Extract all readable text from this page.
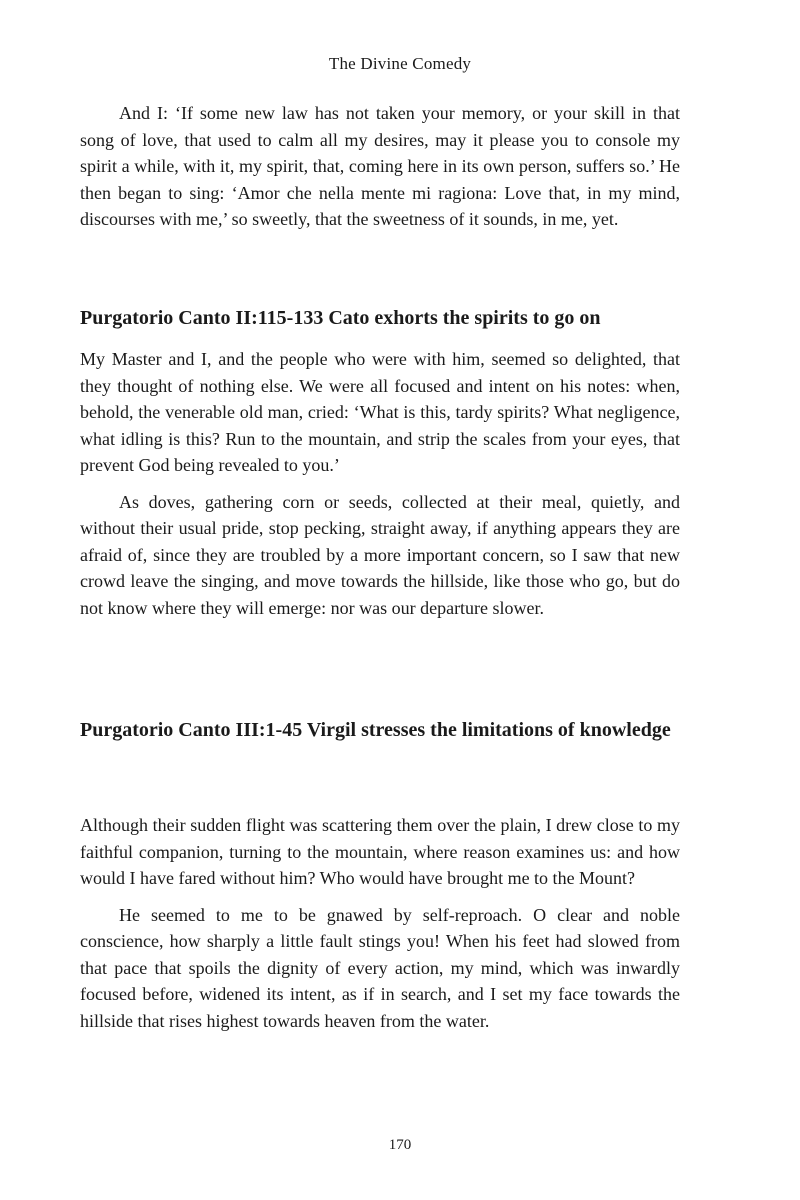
The Divine Comedy

And I: ‘If some new law has not taken your memory, or your skill in that song of love, that used to calm all my desires, may it please you to console my spirit a while, with it, my spirit, that, coming here in its own person, suffers so.’ He then began to sing: ‘Amor che nella mente mi ragiona: Love that, in my mind, discourses with me,’ so sweetly, that the sweetness of it sounds, in me, yet.

Purgatorio Canto II:115-133 Cato exhorts the spirits to go on

My Master and I, and the people who were with him, seemed so delighted, that they thought of nothing else. We were all focused and intent on his notes: when, behold, the venerable old man, cried: ‘What is this, tardy spirits? What negligence, what idling is this? Run to the mountain, and strip the scales from your eyes, that prevent God being revealed to you.’

As doves, gathering corn or seeds, collected at their meal, quietly, and without their usual pride, stop pecking, straight away, if anything appears they are afraid of, since they are troubled by a more important concern, so I saw that new crowd leave the singing, and move towards the hillside, like those who go, but do not know where they will emerge: nor was our departure slower.

Purgatorio Canto III:1-45 Virgil stresses the limitations of knowledge

Although their sudden flight was scattering them over the plain, I drew close to my faithful companion, turning to the mountain, where reason examines us: and how would I have fared without him? Who would have brought me to the Mount?

He seemed to me to be gnawed by self-reproach. O clear and noble conscience, how sharply a little fault stings you! When his feet had slowed from that pace that spoils the dignity of every action, my mind, which was inwardly focused before, widened its intent, as if in search, and I set my face towards the hillside that rises highest towards heaven from the water.

170
